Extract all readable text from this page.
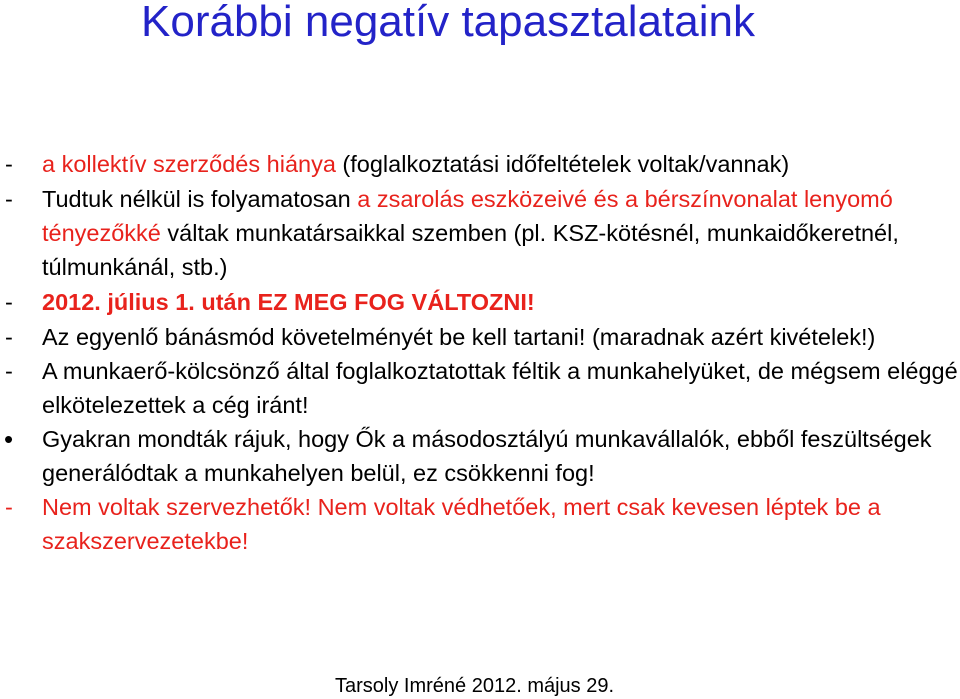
Korábbi negatív tapasztalataink
-	a kollektív szerződés hiánya (foglalkoztatási időfeltételek voltak/vannak)
-	Tudtuk nélkül is folyamatosan a zsarolás eszközeivé és a bérszínvonalat lenyomó tényezőkké váltak munkatársaikkal szemben (pl. KSZ-kötésnél, munkaidőkeretnél, túlmunkánál, stb.)
-	2012. július 1. után EZ MEG FOG VÁLTOZNI!
-	Az egyenlő bánásmód követelményét be kell tartani! (maradnak azért kivételek!)
-	A munkaerő-kölcsönző által foglalkoztatottak féltik a munkahelyüket, de mégsem eléggé elkötelezettek a cég iránt!
•	Gyakran mondták rájuk, hogy Ők a másodosztályú munkavállalók, ebből feszültségek generálódtak a munkahelyen belül, ez csökkenni fog!
-	Nem voltak szervezhetők! Nem voltak védhetőek, mert csak kevesen léptek be a szakszervezetekbe!
Tarsoly Imréné 2012. május 29.
